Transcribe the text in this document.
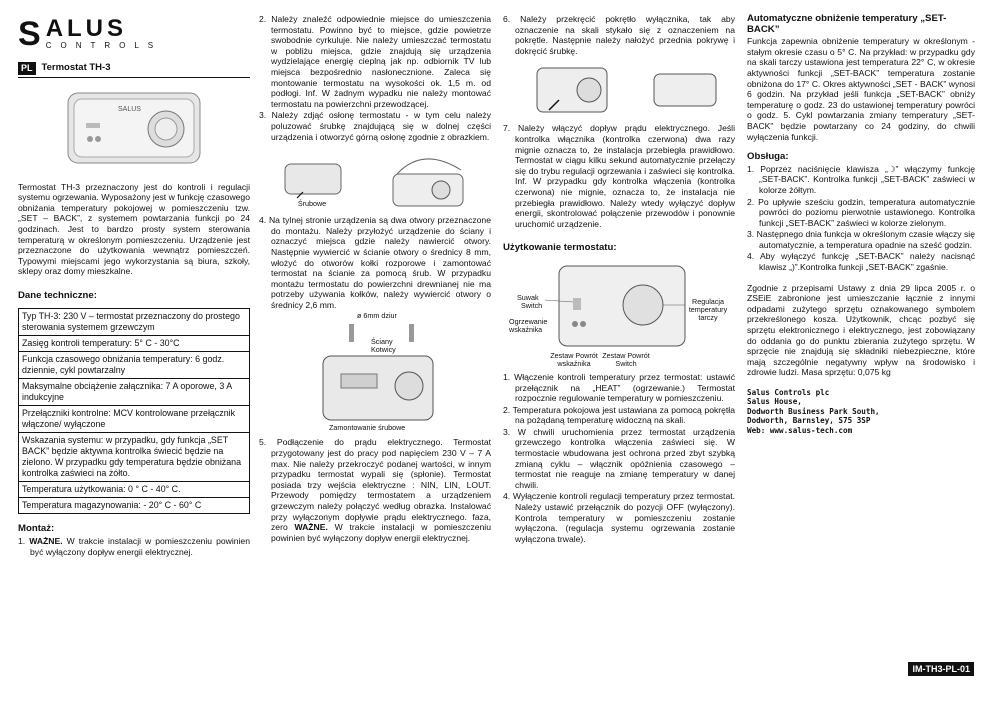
S ALUS
CONTROLS
PL Termostat TH-3
SALUS

Termostat TH-3 przeznaczony jest do kontroli i regulacji systemu ogrzewania. Wyposażony jest w funkcję czasowego obniżania temperatury pokojowej w pomieszczeniu tzw. „SET – BACK”, z systemem powtarzania funkcji po 24 godzinach. Jest to bardzo prosty system sterowania temperaturą w określonym pomieszczeniu. Urządzenie jest przeznaczone do użytkowania wewnątrz pomieszczeń. Typowymi miejscami jego wykorzystania są biura, szkoły, sklepy oraz domy mieszkalne.

Dane techniczne:
Typ TH-3: 230 V – termostat przeznaczony do prostego sterowania systemem grzewczym
Zasięg kontroli temperatury: 5° C - 30°C
Funkcja czasowego obniżania temperatury: 6 godz. dziennie, cykl powtarzalny
Maksymalne obciążenie załącznika: 7 A oporowe, 3 A indukcyjne
Przełączniki kontrolne: MCV kontrolowane przełącznik włączone/ wyłączone
Wskazania systemu: w przypadku, gdy funkcja „SET BACK” będzie aktywna kontrolka świecić będzie na zielono. W przypadku gdy temperatura będzie obniżana kontrolka zaświeci na żółto.
Temperatura użytkowania: 0 ° C - 40° C.
Temperatura magazynowania: - 20° C - 60° C
Montaż:
1. WAŻNE. W trakcie instalacji w pomieszczeniu powinien być wyłączony dopływ energii elektrycznej.
2. Należy znaleźć odpowiednie miejsce do umieszczenia termostatu. Powinno być to miejsce, gdzie powietrze swobodnie cyrkuluje. Nie należy umieszczać termostatu w pobliżu miejsca, gdzie znajdują się urządzenia wydzielające energię cieplną jak np. odbiornik TV lub miejsca bezpośrednio nasłonecznione. Zaleca się montowanie termostatu na wysokości ok. 1,5 m. od podłogi. Inf. W żadnym wypadku nie należy montować termostatu na powierzchni przewodzącej.
3. Należy zdjąć osłonę termostatu - w tym celu należy poluzować śrubkę znajdującą się w dolnej części urządzenia i otworzyć górną osłonę zgodnie z obrazkiem.
Śrubowe
4. Na tylnej stronie urządzenia są dwa otwory przeznaczone do montażu. Należy przyłożyć urządzenie do ściany i oznaczyć miejsca gdzie należy nawiercić otwory. Następnie wywiercić w ścianie otwory o średnicy 8 mm, włożyć do otworów kołki rozporowe i zamontować termostat na ścianie za pomocą śrub. W przypadku montażu termostatu do powierzchni drewnianej nie ma potrzeby używania kołków, należy wywiercić otwory o średnicy 2,6 mm.
ø 6mm dziur
Ściany Kotwicy
Zamontowanie śrubowe
5. Podłączenie do prądu elektrycznego. Termostat przygotowany jest do pracy pod napięciem 230 V – 7 A max. Nie należy przekroczyć podanej wartości, w innym przypadku termostat wypali się (spłonie). Termostat posiada trzy wejścia elektryczne : NIN, LIN, LOUT. Przewody pomiędzy termostatem a urządzeniem grzewczym należy połączyć według obrazka. Instalować przy wyłączonym dopływie prądu elektrycznego. faza, zero WAŻNE. W trakcie instalacji w pomieszczeniu powinien być wyłączony dopływ energii elektrycznej.
6. Należy przekręcić pokrętło wyłącznika, tak aby oznaczenie na skali stykało się z oznaczeniem na pokrętle. Następnie należy nałożyć przednia pokrywę i dokręcić śrubkę.
7. Należy włączyć dopływ prądu elektrycznego. Jeśli kontrolka włącznika (kontrolka czerwona) dwa razy mignie oznacza to, że instalacja przebiegła prawidłowo. Termostat w ciągu kilku sekund automatycznie przełączy się do trybu regulacji ogrzewania i zaświeci się kontrolka. Inf. W przypadku gdy kontrolka włączenia (kontrolka czerwona) nie mignie, oznacza to, że instalacja nie przebiegła prawidłowo. Należy wtedy wyłączyć dopływ energii, skontrolować połączenie przewodów i ponownie uruchomić urządzenie.
Użytkowanie termostatu:
Suwak
Switch	Regulacja temperatury tarczy
Ogrzewanie wskaźnika
Zestaw Powrót wskaźnika
Zestaw Powrót Switch
1. Włączenie kontroli temperatury przez termostat: ustawić przełącznik na „HEAT” (ogrzewanie.) Termostat rozpocznie regulowanie temperatury w pomieszczeniu.
2. Temperatura pokojowa jest ustawiana za pomocą pokrętła na pożądaną temperaturę widoczną na skali.
3. W chwili uruchomienia przez termostat urządzenia grzewczego kontrolka włączenia zaświeci się. W termostacie wbudowana jest ochrona przed zbyt szybką zmianą cyklu – włącznik opóźnienia czasowego – termostat nie reaguje na zmianę temperatury w danej chwili.
4. Wyłączenie kontroli regulacji temperatury przez termostat. Należy ustawić przełącznik do pozycji OFF (wyłączony). Kontrola temperatury w pomieszczeniu zostanie wyłączona. (regulacja systemu ogrzewania zostanie wyłączona trwale).
Automatyczne obniżenie temperatury „SET-BACK”

Funkcja zapewnia obniżenie temperatury w określonym - stałym okresie czasu o 5° C. Na przykład: w przypadku gdy na skali tarczy ustawiona jest temperatura 22° C, w okresie aktywności funkcji „SET-BACK” temperatura zostanie obniżona do 17° C. Okres aktywności „SET - BACK” wynosi 6 godzin. Na przykład jeśli funkcja „SET-BACK” obniży temperaturę o godz. 23 do ustawionej temperatury powróci o godz. 5. Cykl powtarzania zmiany temperatury „SET-BACK” będzie powtarzany co 24 godziny, do chwili wyłączenia funkcji.

Obsługa:
1. Poprzez naciśnięcie klawisza „☽” włączymy funkcję „SET-BACK”. Kontrolka funkcji „SET-BACK” zaświeci w kolorze żółtym.
2. Po upływie sześciu godzin, temperatura automatycznie powróci do poziomu pierwotnie ustawionego. Kontrolka funkcji „SET-BACK” zaświeci w kolorze zielonym.
3. Następnego dnia funkcja w określonym czasie włączy się automatycznie, a temperatura opadnie na sześć godzin.
4. Aby wyłączyć funkcję „SET-BACK” należy nacisnąć klawisz „)”.Kontrolka funkcji „SET-BACK” zgaśnie.

Zgodnie z przepisami Ustawy z dnia 29 lipca 2005 r. o ZSEiE zabronione jest umieszczanie łącznie z innymi odpadami zużytego sprzętu oznakowanego symbolem przekreślonego kosza. Użytkownik, chcąc pozbyć się sprzętu elektronicznego i elektrycznego, jest zobowiązany do oddania go do punktu zbierania zużytego sprzętu. W sprzęcie nie znajdują się składniki niebezpieczne, które mają szczególnie negatywny wpływ na środowisko i zdrowie ludzi. Masa sprzętu: 0,075 kg

Salus Controls plc
Salus House,
Dodworth Business Park South,
Dodworth, Barnsley, S75 3SP
Web: www.salus-tech.com
IM-TH3-PL-01
